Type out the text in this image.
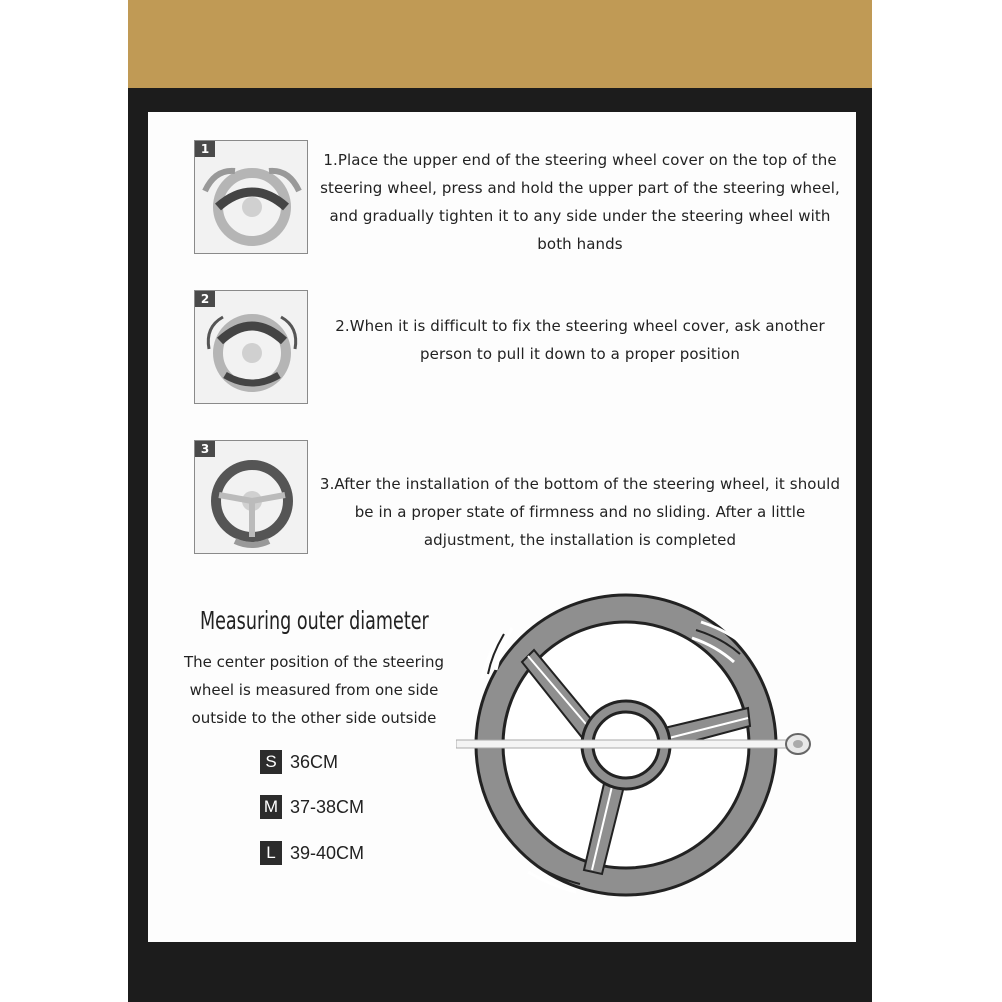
1
1.Place the upper end of the steering wheel cover on the top of the steering wheel, press and hold the upper part of the steering wheel, and gradually tighten it to any side under the steering wheel with both hands
2
2.When it is difficult to fix the steering wheel cover, ask another person to pull it down to a proper position
3
3.After the installation of the bottom of the steering wheel, it should be in a proper state of firmness and no sliding. After a little adjustment, the installation is completed
Measuring outer diameter
The center position of the steering wheel is measured from one side outside to the other side outside
S 36CM
M 37-38CM
L 39-40CM
